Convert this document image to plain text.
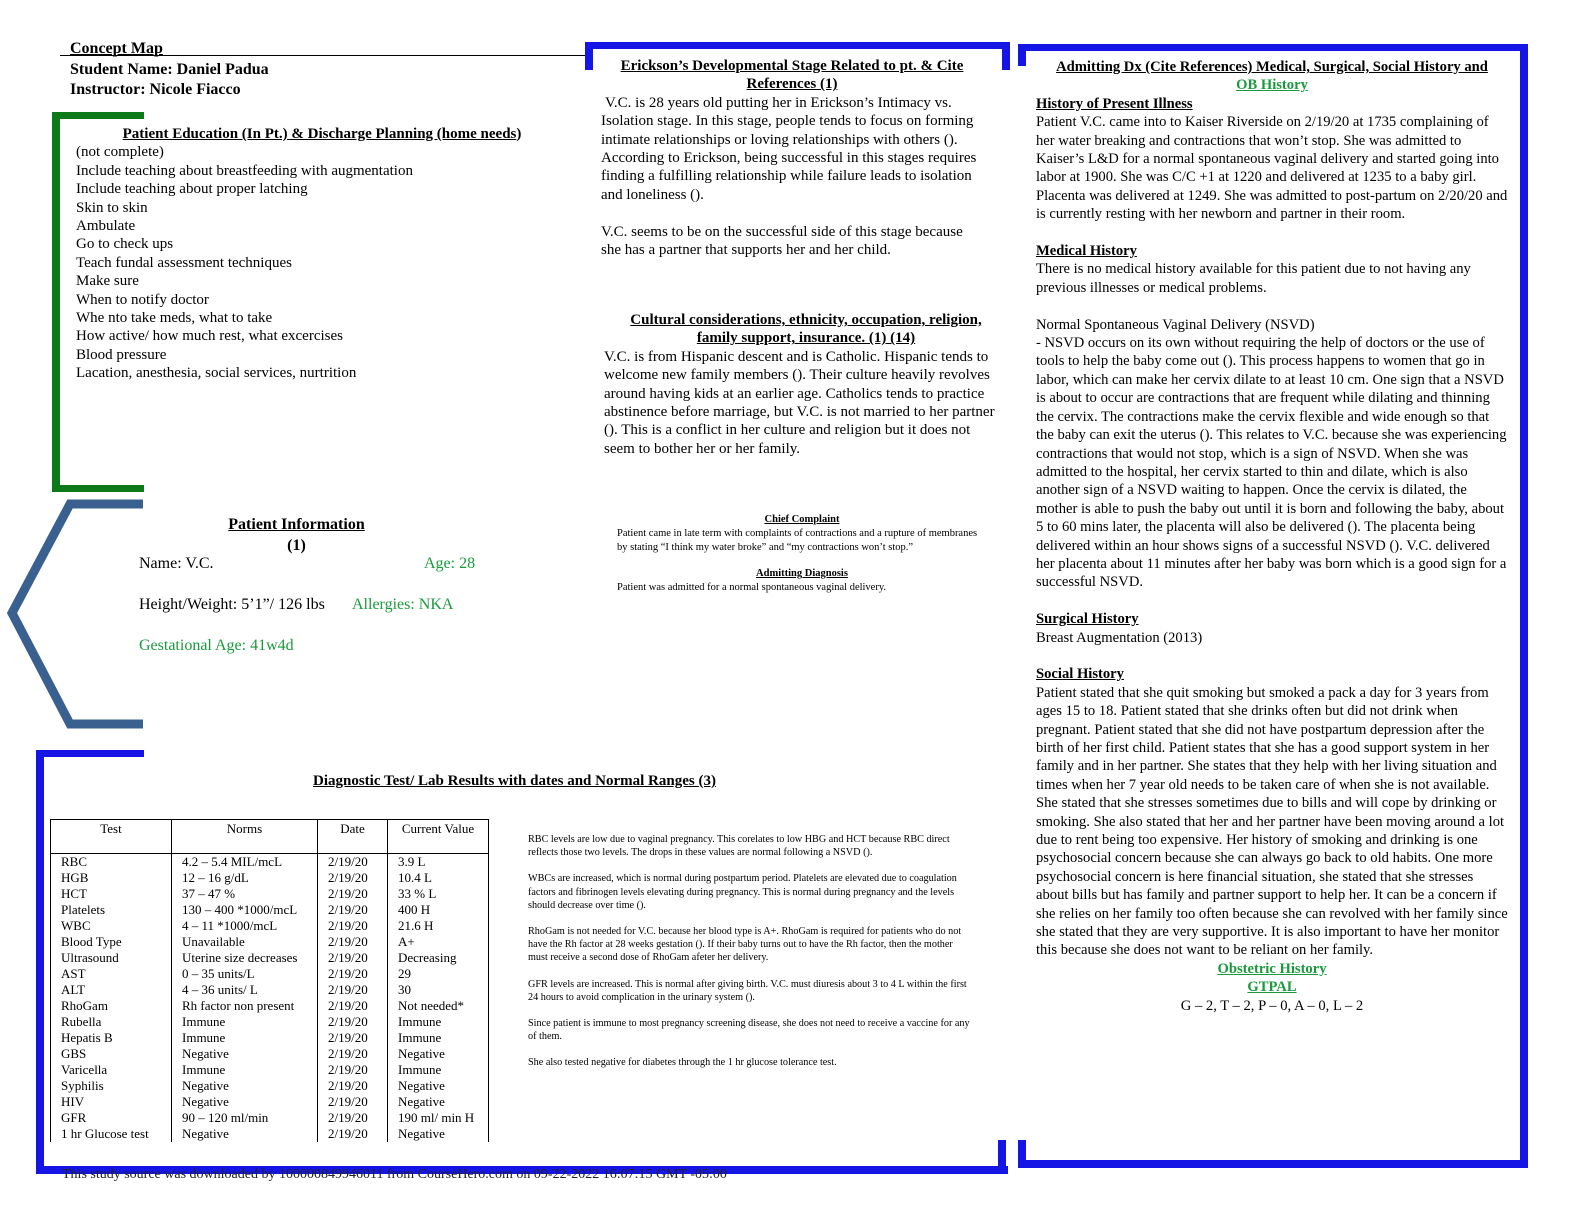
Concept Map
Student Name: Daniel Padua
Instructor: Nicole Fiacco
Patient Education (In Pt.) & Discharge Planning (home needs)
(not complete)
Include teaching about breastfeeding with augmentation
Include teaching about proper latching
Skin to skin
Ambulate
Go to check ups
Teach fundal assessment techniques
Make sure
When to notify doctor
Whe nto take meds, what to take
How active/ how much rest, what excercises
Blood pressure
Lacation, anesthesia, social services, nurtrition
Erickson’s Developmental Stage Related to pt. & Cite
References (1)

V.C. is 28 years old putting her in Erickson’s Intimacy vs. Isolation stage. In this stage, people tends to focus on forming intimate relationships or loving relationships with others (). According to Erickson, being successful in this stages requires finding a fulfilling relationship while failure leads to isolation and loneliness ().

V.C. seems to be on the successful side of this stage because she has a partner that supports her and her child.

Cultural considerations, ethnicity, occupation, religion,
family support, insurance. (1) (14)

V.C. is from Hispanic descent and is Catholic. Hispanic tends to welcome new family members (). Their culture heavily revolves around having kids at an earlier age. Catholics tends to practice abstinence before marriage, but V.C. is not married to her partner (). This is a conflict in her culture and religion but it does not seem to bother her or her family.

Patient Information
(1)
Name: V.C.	Age: 28
Height/Weight: 5’1”/ 126 lbs Allergies: NKA
Gestational Age: 41w4d
Chief Complaint

Patient came in late term with complaints of contractions and a rupture of membranes by stating “I think my water broke” and “my contractions won’t stop.”

Admitting Diagnosis

Patient was admitted for a normal spontaneous vaginal delivery.

Admitting Dx (Cite References) Medical, Surgical, Social History and
OB History
History of Present Illness

Patient V.C. came into to Kaiser Riverside on 2/19/20 at 1735 complaining of her water breaking and contractions that won’t stop. She was admitted to Kaiser’s L&D for a normal spontaneous vaginal delivery and started going into labor at 1900. She was C/C +1 at 1220 and delivered at 1235 to a baby girl. Placenta was delivered at 1249. She was admitted to post-partum on 2/20/20 and is currently resting with her newborn and partner in their room.

Medical History

There is no medical history available for this patient due to not having any previous illnesses or medical problems.

Normal Spontaneous Vaginal Delivery (NSVD)

- NSVD occurs on its own without requiring the help of doctors or the use of tools to help the baby come out (). This process happens to women that go in labor, which can make her cervix dilate to at least 10 cm. One sign that a NSVD is about to occur are contractions that are frequent while dilating and thinning the cervix. The contractions make the cervix flexible and wide enough so that the baby can exit the uterus (). This relates to V.C. because she was experiencing contractions that would not stop, which is a sign of NSVD. When she was admitted to the hospital, her cervix started to thin and dilate, which is also another sign of a NSVD waiting to happen. Once the cervix is dilated, the mother is able to push the baby out until it is born and following the baby, about 5 to 60 mins later, the placenta will also be delivered (). The placenta being delivered within an hour shows signs of a successful NSVD (). V.C. delivered her placenta about 11 minutes after her baby was born which is a good sign for a successful NSVD.

Surgical History

Breast Augmentation (2013)

Social History

Patient stated that she quit smoking but smoked a pack a day for 3 years from ages 15 to 18. Patient stated that she drinks often but did not drink when pregnant. Patient stated that she did not have postpartum depression after the birth of her first child. Patient states that she has a good support system in her family and in her partner. She states that they help with her living situation and times when her 7 year old needs to be taken care of when she is not available. She stated that she stresses sometimes due to bills and will cope by drinking or smoking. She also stated that her and her partner have been moving around a lot due to rent being too expensive. Her history of smoking and drinking is one psychosocial concern because she can always go back to old habits. One more psychosocial concern is here financial situation, she stated that she stresses about bills but has family and partner support to help her. It can be a concern if she relies on her family too often because she can revolved with her family since she stated that they are very supportive. It is also important to have her monitor this because she does not want to be reliant on her family.

Obstetric History
GTPAL
G – 2, T – 2, P – 0, A – 0, L – 2
Diagnostic Test/ Lab Results with dates and Normal Ranges (3)
Test	Norms	Date	Current Value
RBC	4.2 – 5.4 MIL/mcL	2/19/20	3.9 L
HGB	12 – 16 g/dL	2/19/20	10.4 L
HCT	37 – 47 %	2/19/20	33 % L
Platelets	130 – 400 *1000/mcL	2/19/20	400 H
WBC	4 – 11 *1000/mcL	2/19/20	21.6 H
Blood Type	Unavailable	2/19/20	A+
Ultrasound	Uterine size decreases	2/19/20	Decreasing
AST	0 – 35 units/L	2/19/20	29
ALT	4 – 36 units/ L	2/19/20	30
RhoGam	Rh factor non present	2/19/20	Not needed*
Rubella	Immune	2/19/20	Immune
Hepatis B	Immune	2/19/20	Immune
GBS	Negative	2/19/20	Negative
Varicella	Immune	2/19/20	Immune
Syphilis	Negative	2/19/20	Negative
HIV	Negative	2/19/20	Negative
GFR	90 – 120 ml/min	2/19/20	190 ml/ min H
1 hr Glucose test	Negative	2/19/20	Negative

RBC levels are low due to vaginal pregnancy. This corelates to low HBG and HCT because RBC direct reflects those two levels. The drops in these values are normal following a NSVD ().

WBCs are increased, which is normal during postpartum period. Platelets are elevated due to coagulation factors and fibrinogen levels elevating during pregnancy. This is normal during pregnancy and the levels should decrease over time ().

RhoGam is not needed for V.C. because her blood type is A+. RhoGam is required for patients who do not have the Rh factor at 28 weeks gestation (). If their baby turns out to have the Rh factor, then the mother must receive a second dose of RhoGam afeter her delivery.

GFR levels are increased. This is normal after giving birth. V.C. must diuresis about 3 to 4 L within the first 24 hours to avoid complication in the urinary system ().

Since patient is immune to most pregnancy screening disease, she does not need to receive a vaccine for any of them.

She also tested negative for diabetes through the 1 hr glucose tolerance test.

This study source was downloaded by 100000849946011 from CourseHero.com on 09-22-2022 16:07:15 GMT -05:00
